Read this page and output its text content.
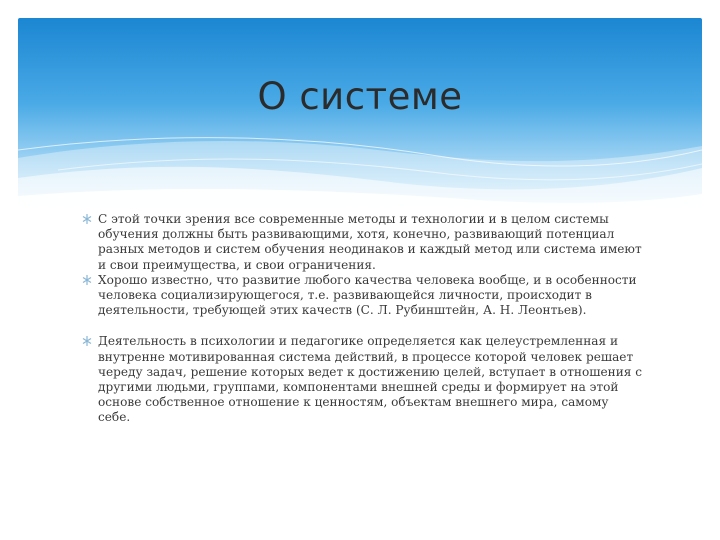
О системе
С этой точки зрения все современные методы и технологии и в целом системы обучения должны быть развивающими, хотя, конечно, развивающий потенциал разных методов и систем обучения неодинаков и каждый метод или система имеют и свои преимущества, и свои ограничения.
Хорошо известно, что развитие любого качества человека вообще, и в особенности человека социализирующегося, т.е. развивающейся личности, происходит в деятельности, требующей этих качеств (С. Л. Рубинштейн, А. Н. Леонтьев).
Деятельность в психологии и педагогике определяется как целеустремленная и внутренне мотивированная система действий, в процессе которой человек решает череду задач, решение которых ведет к достижению целей, вступает в отношения с другими людьми, группами, компонентами внешней среды и формирует на этой основе собственное отношение к ценностям, объектам внешнего мира, самому себе.
